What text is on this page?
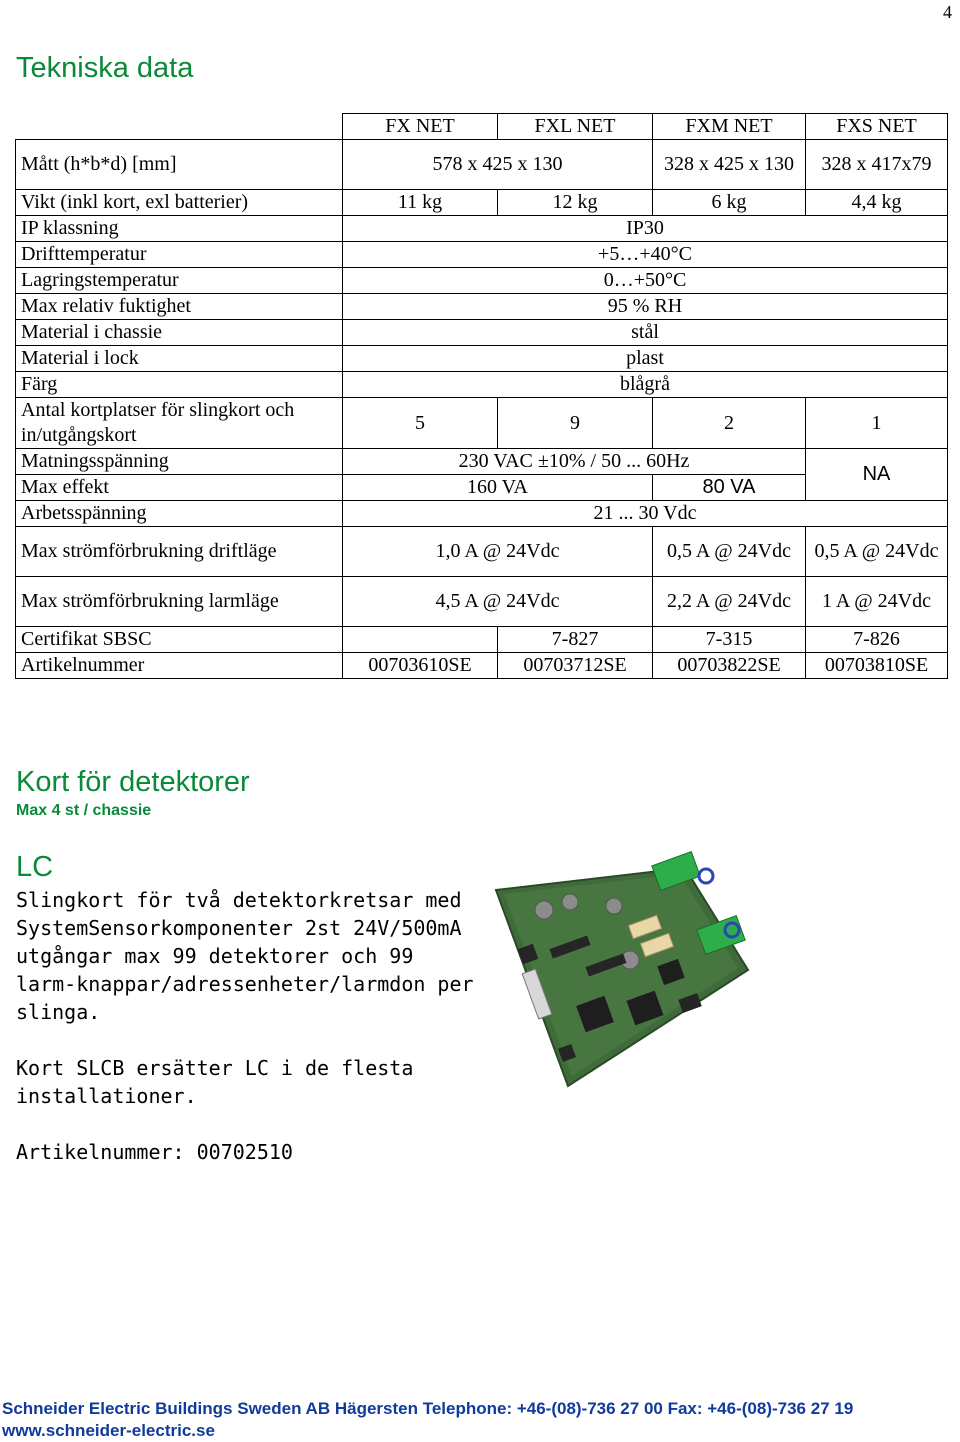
4
Tekniska data
	FX NET	FXL NET	FXM NET	FXS NET
Mått (h*b*d) [mm]	578 x 425 x 130		328 x 425 x 130	328 x 417x79
Vikt (inkl kort, exl batterier)	11 kg	12 kg	6 kg	4,4 kg
IP klassning	IP30			
Drifttemperatur	+5…+40°C			
Lagringstemperatur	0…+50°C			
Max relativ fuktighet	95 % RH			
Material i chassie	stål			
Material i lock	plast			
Färg	blågrå			
Antal kortplatser för slingkort och in/utgångskort	5	9	2	1
Matningsspänning	230 VAC ±10% / 50 ... 60Hz			NA
Max effekt	160 VA		80 VA	
Arbetsspänning	21 ... 30 Vdc			
Max strömförbrukning driftläge	1,0 A @ 24Vdc		0,5 A @ 24Vdc	0,5 A @ 24Vdc
Max strömförbrukning larmläge	4,5 A @ 24Vdc		2,2 A @ 24Vdc	1 A @ 24Vdc
Certifikat SBSC		7-827	7-315	7-826
Artikelnummer	00703610SE	00703712SE	00703822SE	00703810SE
Kort för detektorer
Max 4 st / chassie
LC

Slingkort för två detektorkretsar med SystemSensorkomponenter 2st 24V/500mA utgångar max 99 detektorer och 99 larm-knappar/adressenheter/larmdon per slinga.

Kort SLCB ersätter LC i de flesta installationer.

Artikelnummer: 00702510

Schneider Electric Buildings Sweden AB Hägersten Telephone: +46-(08)-736 27 00 Fax: +46-(08)-736 27 19
www.schneider-electric.se
